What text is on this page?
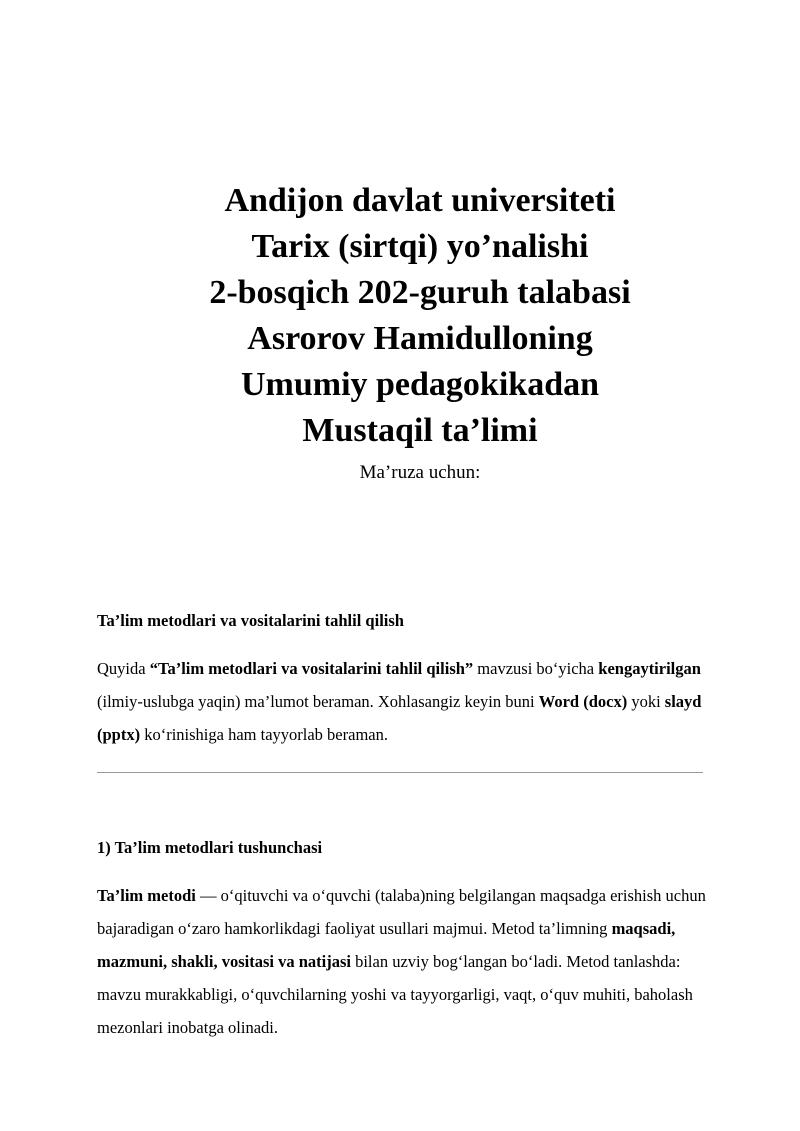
Andijon davlat universiteti
Tarix (sirtqi) yo’nalishi
2-bosqich 202-guruh talabasi
Asrorov Hamidulloning
Umumiy pedagokikadan
Mustaqil ta’limi
Ma’ruza uchun:

Ta’lim metodlari va vositalarini tahlil qilish

Quyida “Ta’lim metodlari va vositalarini tahlil qilish” mavzusi bo‘yicha kengaytirilgan (ilmiy-uslubga yaqin) ma’lumot beraman. Xohlasangiz keyin buni Word (docx) yoki slayd (pptx) ko‘rinishiga ham tayyorlab beraman.

1) Ta’lim metodlari tushunchasi

Ta’lim metodi — o‘qituvchi va o‘quvchi (talaba)ning belgilangan maqsadga erishish uchun bajaradigan o‘zaro hamkorlikdagi faoliyat usullari majmui. Metod ta’limning maqsadi, mazmuni, shakli, vositasi va natijasi bilan uzviy bog‘langan bo‘ladi. Metod tanlashda: mavzu murakkabligi, o‘quvchilarning yoshi va tayyorgarligi, vaqt, o‘quv muhiti, baholash mezonlari inobatga olinadi.
